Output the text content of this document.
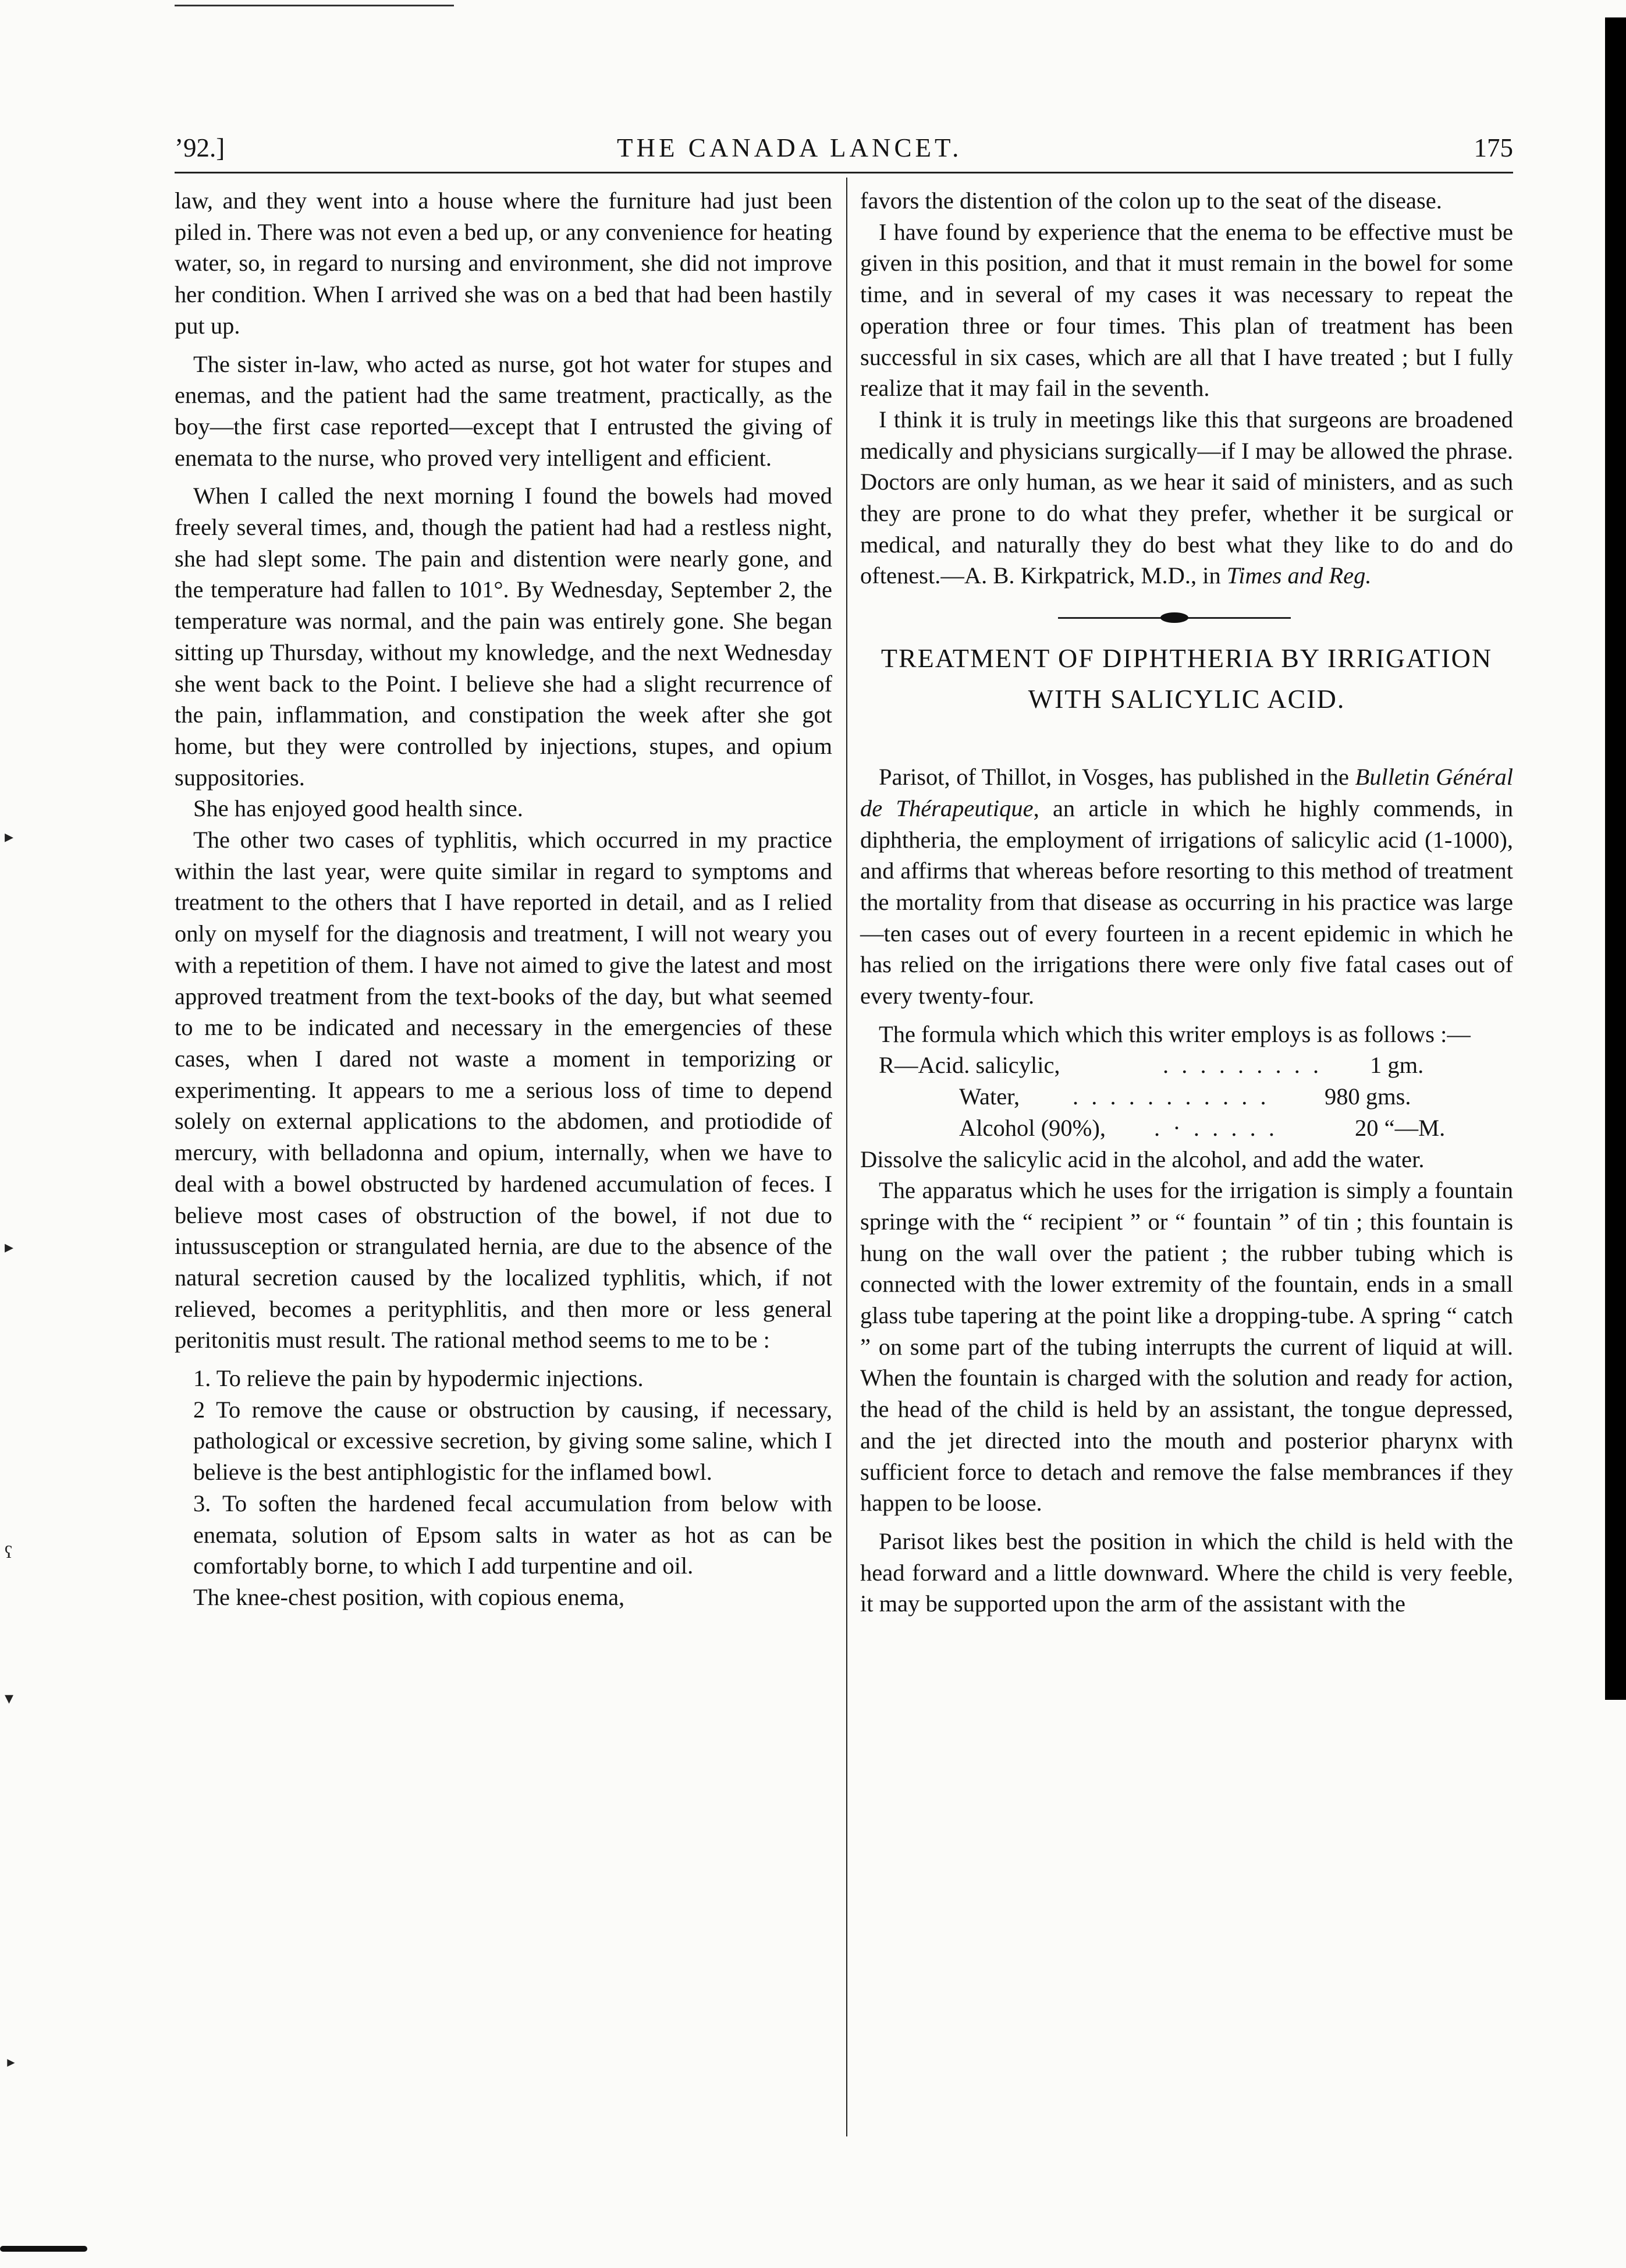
▸
▸
ʕ
▾
►
’92.]	THE CANADA LANCET.	175

law, and they went into a house where the furniture had just been piled in. There was not even a bed up, or any convenience for heating water, so, in regard to nursing and environment, she did not improve her condition. When I arrived she was on a bed that had been hastily put up.

The sister in-law, who acted as nurse, got hot water for stupes and enemas, and the patient had the same treatment, practically, as the boy—the first case reported—except that I entrusted the giving of enemata to the nurse, who proved very intelligent and efficient.

When I called the next morning I found the bowels had moved freely several times, and, though the patient had had a restless night, she had slept some. The pain and distention were nearly gone, and the temperature had fallen to 101°. By Wednesday, September 2, the temperature was normal, and the pain was entirely gone. She began sitting up Thursday, without my knowledge, and the next Wednesday she went back to the Point. I believe she had a slight recurrence of the pain, inflammation, and constipation the week after she got home, but they were controlled by injections, stupes, and opium suppositories.

She has enjoyed good health since.

The other two cases of typhlitis, which occurred in my practice within the last year, were quite similar in regard to symptoms and treatment to the others that I have reported in detail, and as I relied only on myself for the diagnosis and treatment, I will not weary you with a repetition of them. I have not aimed to give the latest and most approved treatment from the text-books of the day, but what seemed to me to be indicated and necessary in the emergencies of these cases, when I dared not waste a moment in temporizing or experimenting. It appears to me a serious loss of time to depend solely on external applications to the abdomen, and protiodide of mercury, with belladonna and opium, internally, when we have to deal with a bowel obstructed by hardened accumulation of feces. I believe most cases of obstruction of the bowel, if not due to intussusception or strangulated hernia, are due to the absence of the natural secretion caused by the localized typhlitis, which, if not relieved, becomes a perityphlitis, and then more or less general peritonitis must result. The rational method seems to me to be :

1. To relieve the pain by hypodermic injections.

2 To remove the cause or obstruction by causing, if necessary, pathological or excessive secretion, by giving some saline, which I believe is the best antiphlogistic for the inflamed bowl.

3. To soften the hardened fecal accumulation from below with enemata, solution of Epsom salts in water as hot as can be comfortably borne, to which I add turpentine and oil.

The knee-chest position, with copious enema,

favors the distention of the colon up to the seat of the disease.

I have found by experience that the enema to be effective must be given in this position, and that it must remain in the bowel for some time, and in several of my cases it was necessary to repeat the operation three or four times. This plan of treatment has been successful in six cases, which are all that I have treated ; but I fully realize that it may fail in the seventh.

I think it is truly in meetings like this that surgeons are broadened medically and physicians surgically—if I may be allowed the phrase. Doctors are only human, as we hear it said of ministers, and as such they are prone to do what they prefer, whether it be surgical or medical, and naturally they do best what they like to do and do oftenest.—A. B. Kirkpatrick, M.D., in Times and Reg.

TREATMENT OF DIPHTHERIA BY IRRIGATION WITH SALICYLIC ACID.

Parisot, of Thillot, in Vosges, has published in the Bulletin Général de Thérapeutique, an article in which he highly commends, in diphtheria, the employment of irrigations of salicylic acid (1-1000), and affirms that whereas before resorting to this method of treatment the mortality from that disease as occurring in his practice was large—ten cases out of every fourteen in a recent epidemic in which he has relied on the irrigations there were only five fatal cases out of every twenty-four.

The formula which which this writer employs is as follows :—

R—Acid. salicylic,	. . . . . . . . . 1 gm.
Water, . . . . . . . . . . . 980 gms.
Alcohol (90%), . · . . . . .	20 “—M.

Dissolve the salicylic acid in the alcohol, and add the water.

The apparatus which he uses for the irrigation is simply a fountain springe with the “ recipient ” or “ fountain ” of tin ; this fountain is hung on the wall over the patient ; the rubber tubing which is connected with the lower extremity of the fountain, ends in a small glass tube tapering at the point like a dropping-tube. A spring “ catch ” on some part of the tubing interrupts the current of liquid at will. When the fountain is charged with the solution and ready for action, the head of the child is held by an assistant, the tongue depressed, and the jet directed into the mouth and posterior pharynx with sufficient force to detach and remove the false membrances if they happen to be loose.

Parisot likes best the position in which the child is held with the head forward and a little downward. Where the child is very feeble, it may be supported upon the arm of the assistant with the
